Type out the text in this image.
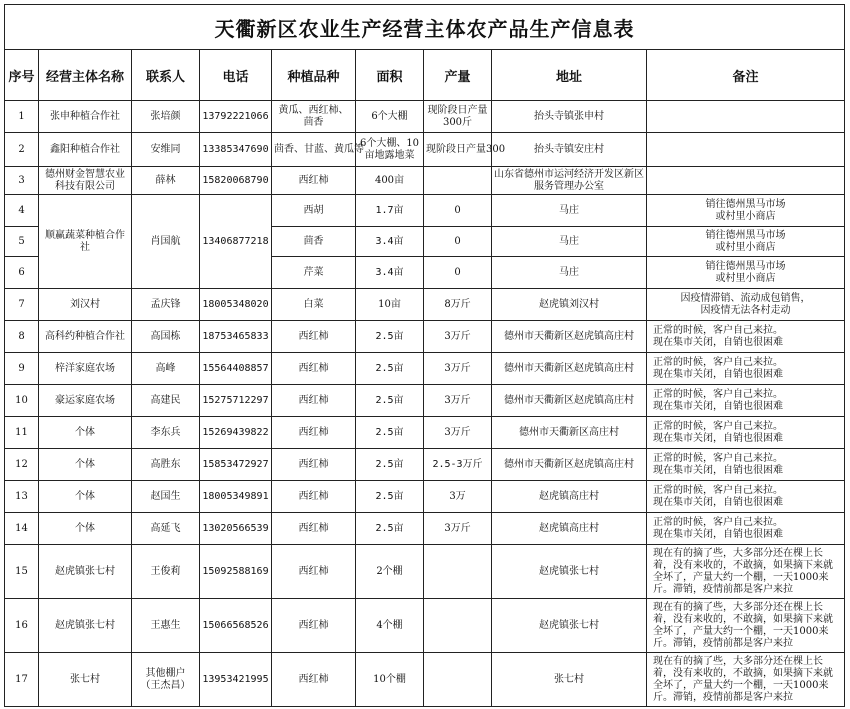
天衢新区农业生产经营主体农产品生产信息表								
序号	经营主体名称	联系人	电话	种植品种	面积	产量	地址	备注
1	张申种植合作社	张培颜	13792221066	黄瓜、西红柿、茴香	6个大棚	现阶段日产量300斤	抬头寺镇张申村	
2	鑫阳种植合作社	安维同	13385347690	茴香、甘蓝、黄瓜等	6个大棚、10亩地露地菜	现阶段日产量300	抬头寺镇安庄村	
3	德州财金智慧农业科技有限公司	薛林	15820068790	西红柿	400亩		山东省德州市运河经济开发区新区服务管理办公室	
4	顺赢蔬菜种植合作社	肖国航	13406877218	西胡	1.7亩	0	马庄	销往德州黑马市场
或村里小商店
5				茴香	3.4亩	0	马庄	销往德州黑马市场
或村里小商店
6				芹菜	3.4亩	0	马庄	销往德州黑马市场
或村里小商店
7	刘汉村	孟庆锋	18005348020	白菜	10亩	8万斤	赵虎镇刘汉村	因疫情滞销、流动成包销售，
因疫情无法各村走动
8	高科约种植合作社	高国栋	18753465833	西红柿	2.5亩	3万斤	德州市天衢新区赵虎镇高庄村	正常的时候，客户自己来拉。
现在集市关闭，自销也很困难
9	梓洋家庭农场	高峰	15564408857	西红柿	2.5亩	3万斤	德州市天衢新区赵虎镇高庄村	正常的时候，客户自己来拉。
现在集市关闭，自销也很困难
10	豪运家庭农场	高建民	15275712297	西红柿	2.5亩	3万斤	德州市天衢新区赵虎镇高庄村	正常的时候，客户自己来拉。
现在集市关闭，自销也很困难
11	个体	李东兵	15269439822	西红柿	2.5亩	3万斤	德州市天衢新区高庄村	正常的时候，客户自己来拉。
现在集市关闭，自销也很困难
12	个体	高胜东	15853472927	西红柿	2.5亩	2.5-3万斤	德州市天衢新区赵虎镇高庄村	正常的时候，客户自己来拉。
现在集市关闭，自销也很困难
13	个体	赵国生	18005349891	西红柿	2.5亩	3万	赵虎镇高庄村	正常的时候，客户自己来拉。
现在集市关闭，自销也很困难
14	个体	高延飞	13020566539	西红柿	2.5亩	3万斤	赵虎镇高庄村	正常的时候，客户自己来拉。
现在集市关闭，自销也很困难
15	赵虎镇张七村	王俊莉	15092588169	西红柿	2个棚		赵虎镇张七村	现在有的摘了些，大多部分还在棵上长着，没有来收的，不敢摘，如果摘下来就全坏了，产量大约一个棚，一天1000来斤。滞销，疫情前都是客户来拉
16	赵虎镇张七村	王惠生	15066568526	西红柿	4个棚		赵虎镇张七村	现在有的摘了些，大多部分还在棵上长着，没有来收的，不敢摘，如果摘下来就全坏了，产量大约一个棚，一天1000来斤。滞销，疫情前都是客户来拉
17	张七村	其他棚户
（王杰昌）	13953421995	西红柿	10个棚		张七村	现在有的摘了些，大多部分还在棵上长着，没有来收的，不敢摘，如果摘下来就全坏了，产量大约一个棚，一天1000来斤。滞销，疫情前都是客户来拉
